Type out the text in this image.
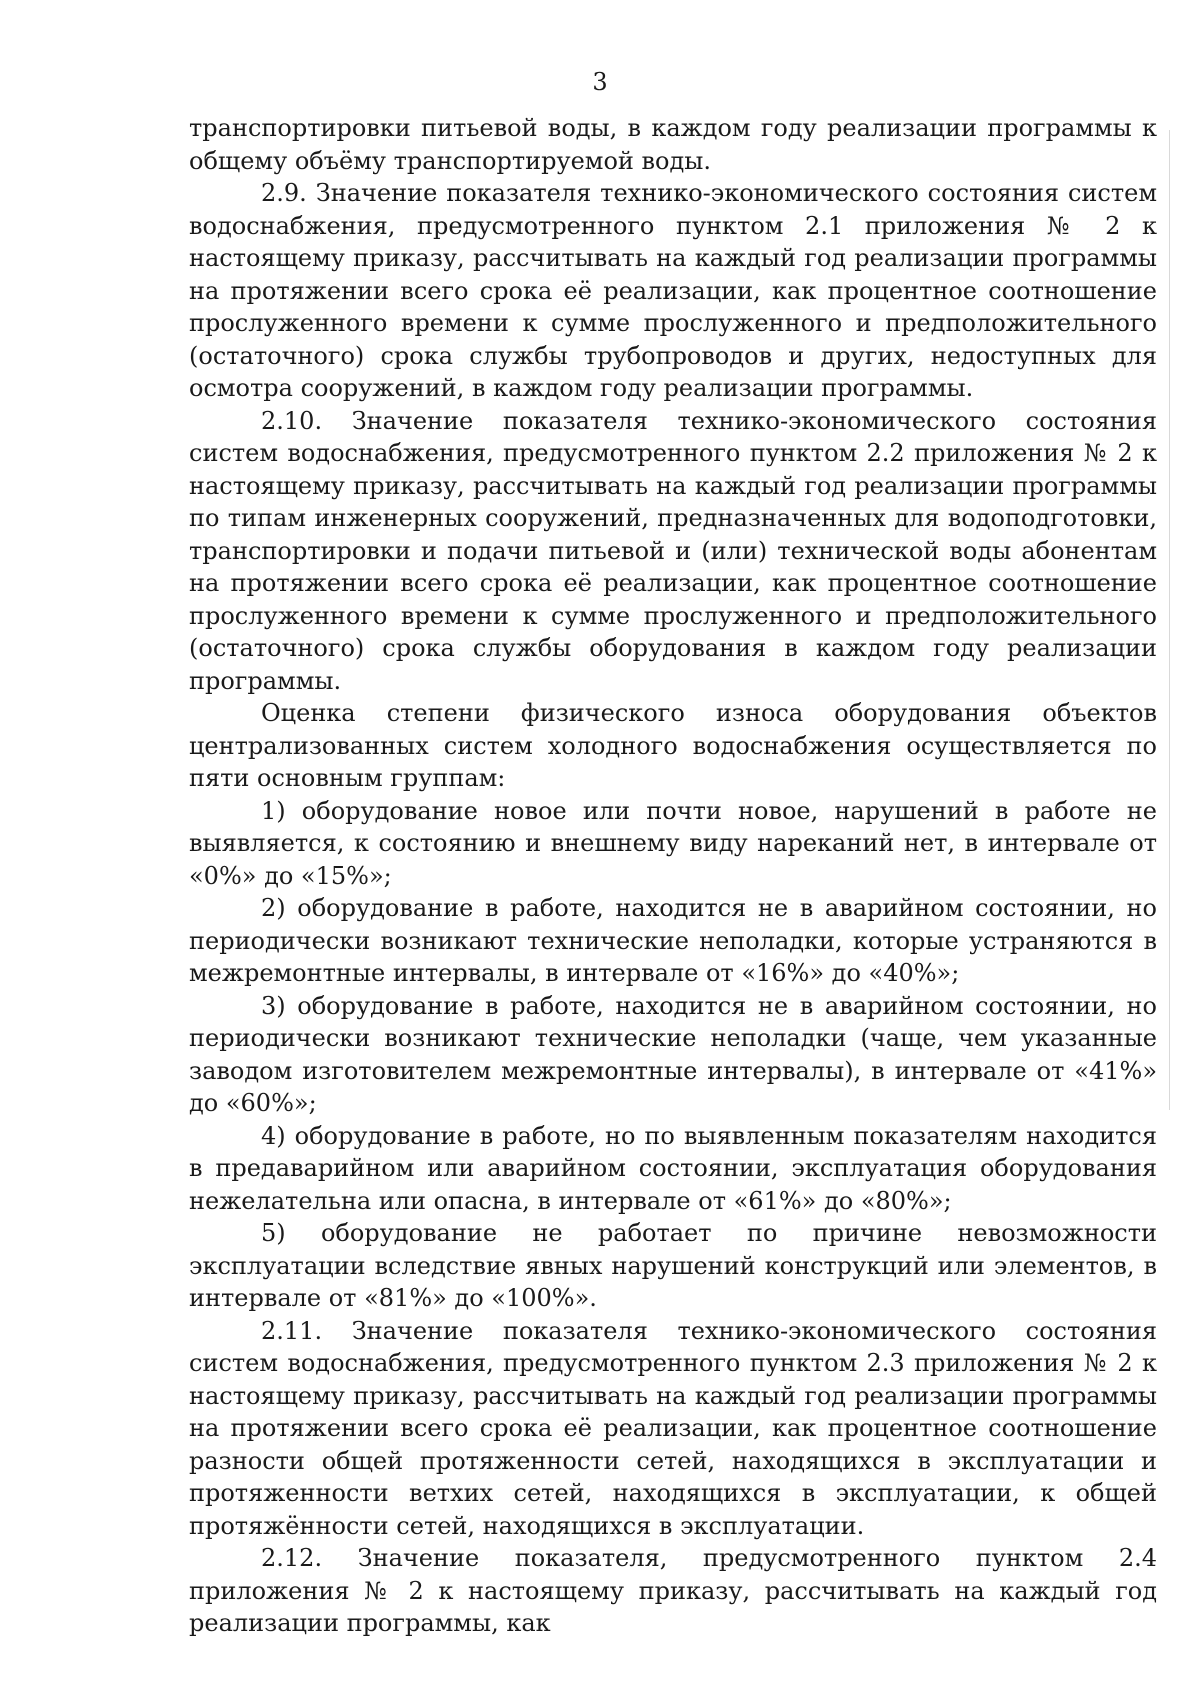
3

транспортировки питьевой воды, в каждом году реализации программы к общему объёму транспортируемой воды.

2.9. Значение показателя технико-экономического состояния систем водоснабжения, предусмотренного пунктом 2.1 приложения № 2 к настоящему приказу, рассчитывать на каждый год реализации программы на протяжении всего срока её реализации, как процентное соотношение прослуженного времени к сумме прослуженного и предположительного (остаточного) срока службы трубопроводов и других, недоступных для осмотра сооружений, в каждом году реализации программы.

2.10. Значение показателя технико-экономического состояния систем водоснабжения, предусмотренного пунктом 2.2 приложения № 2 к настоящему приказу, рассчитывать на каждый год реализации программы по типам инженерных сооружений, предназначенных для водоподготовки, транспортировки и подачи питьевой и (или) технической воды абонентам на протяжении всего срока её реализации, как процентное соотношение прослуженного времени к сумме прослуженного и предположительного (остаточного) срока службы оборудования в каждом году реализации программы.

Оценка степени физического износа оборудования объектов централизованных систем холодного водоснабжения осуществляется по пяти основным группам:

1) оборудование новое или почти новое, нарушений в работе не выявляется, к состоянию и внешнему виду нареканий нет, в интервале от «0%» до «15%»;

2) оборудование в работе, находится не в аварийном состоянии, но периодически возникают технические неполадки, которые устраняются в межремонтные интервалы, в интервале от «16%» до «40%»;

3) оборудование в работе, находится не в аварийном состоянии, но периодически возникают технические неполадки (чаще, чем указанные заводом изготовителем межремонтные интервалы), в интервале от «41%» до «60%»;

4) оборудование в работе, но по выявленным показателям находится в предаварийном или аварийном состоянии, эксплуатация оборудования нежелательна или опасна, в интервале от «61%» до «80%»;

5) оборудование не работает по причине невозможности эксплуатации вследствие явных нарушений конструкций или элементов, в интервале от «81%» до «100%».

2.11. Значение показателя технико-экономического состояния систем водоснабжения, предусмотренного пунктом 2.3 приложения № 2 к настоящему приказу, рассчитывать на каждый год реализации программы на протяжении всего срока её реализации, как процентное соотношение разности общей протяженности сетей, находящихся в эксплуатации и протяженности ветхих сетей, находящихся в эксплуатации, к общей протяжённости сетей, находящихся в эксплуатации.

2.12. Значение показателя, предусмотренного пунктом 2.4 приложения № 2 к настоящему приказу, рассчитывать на каждый год реализации программы, как
